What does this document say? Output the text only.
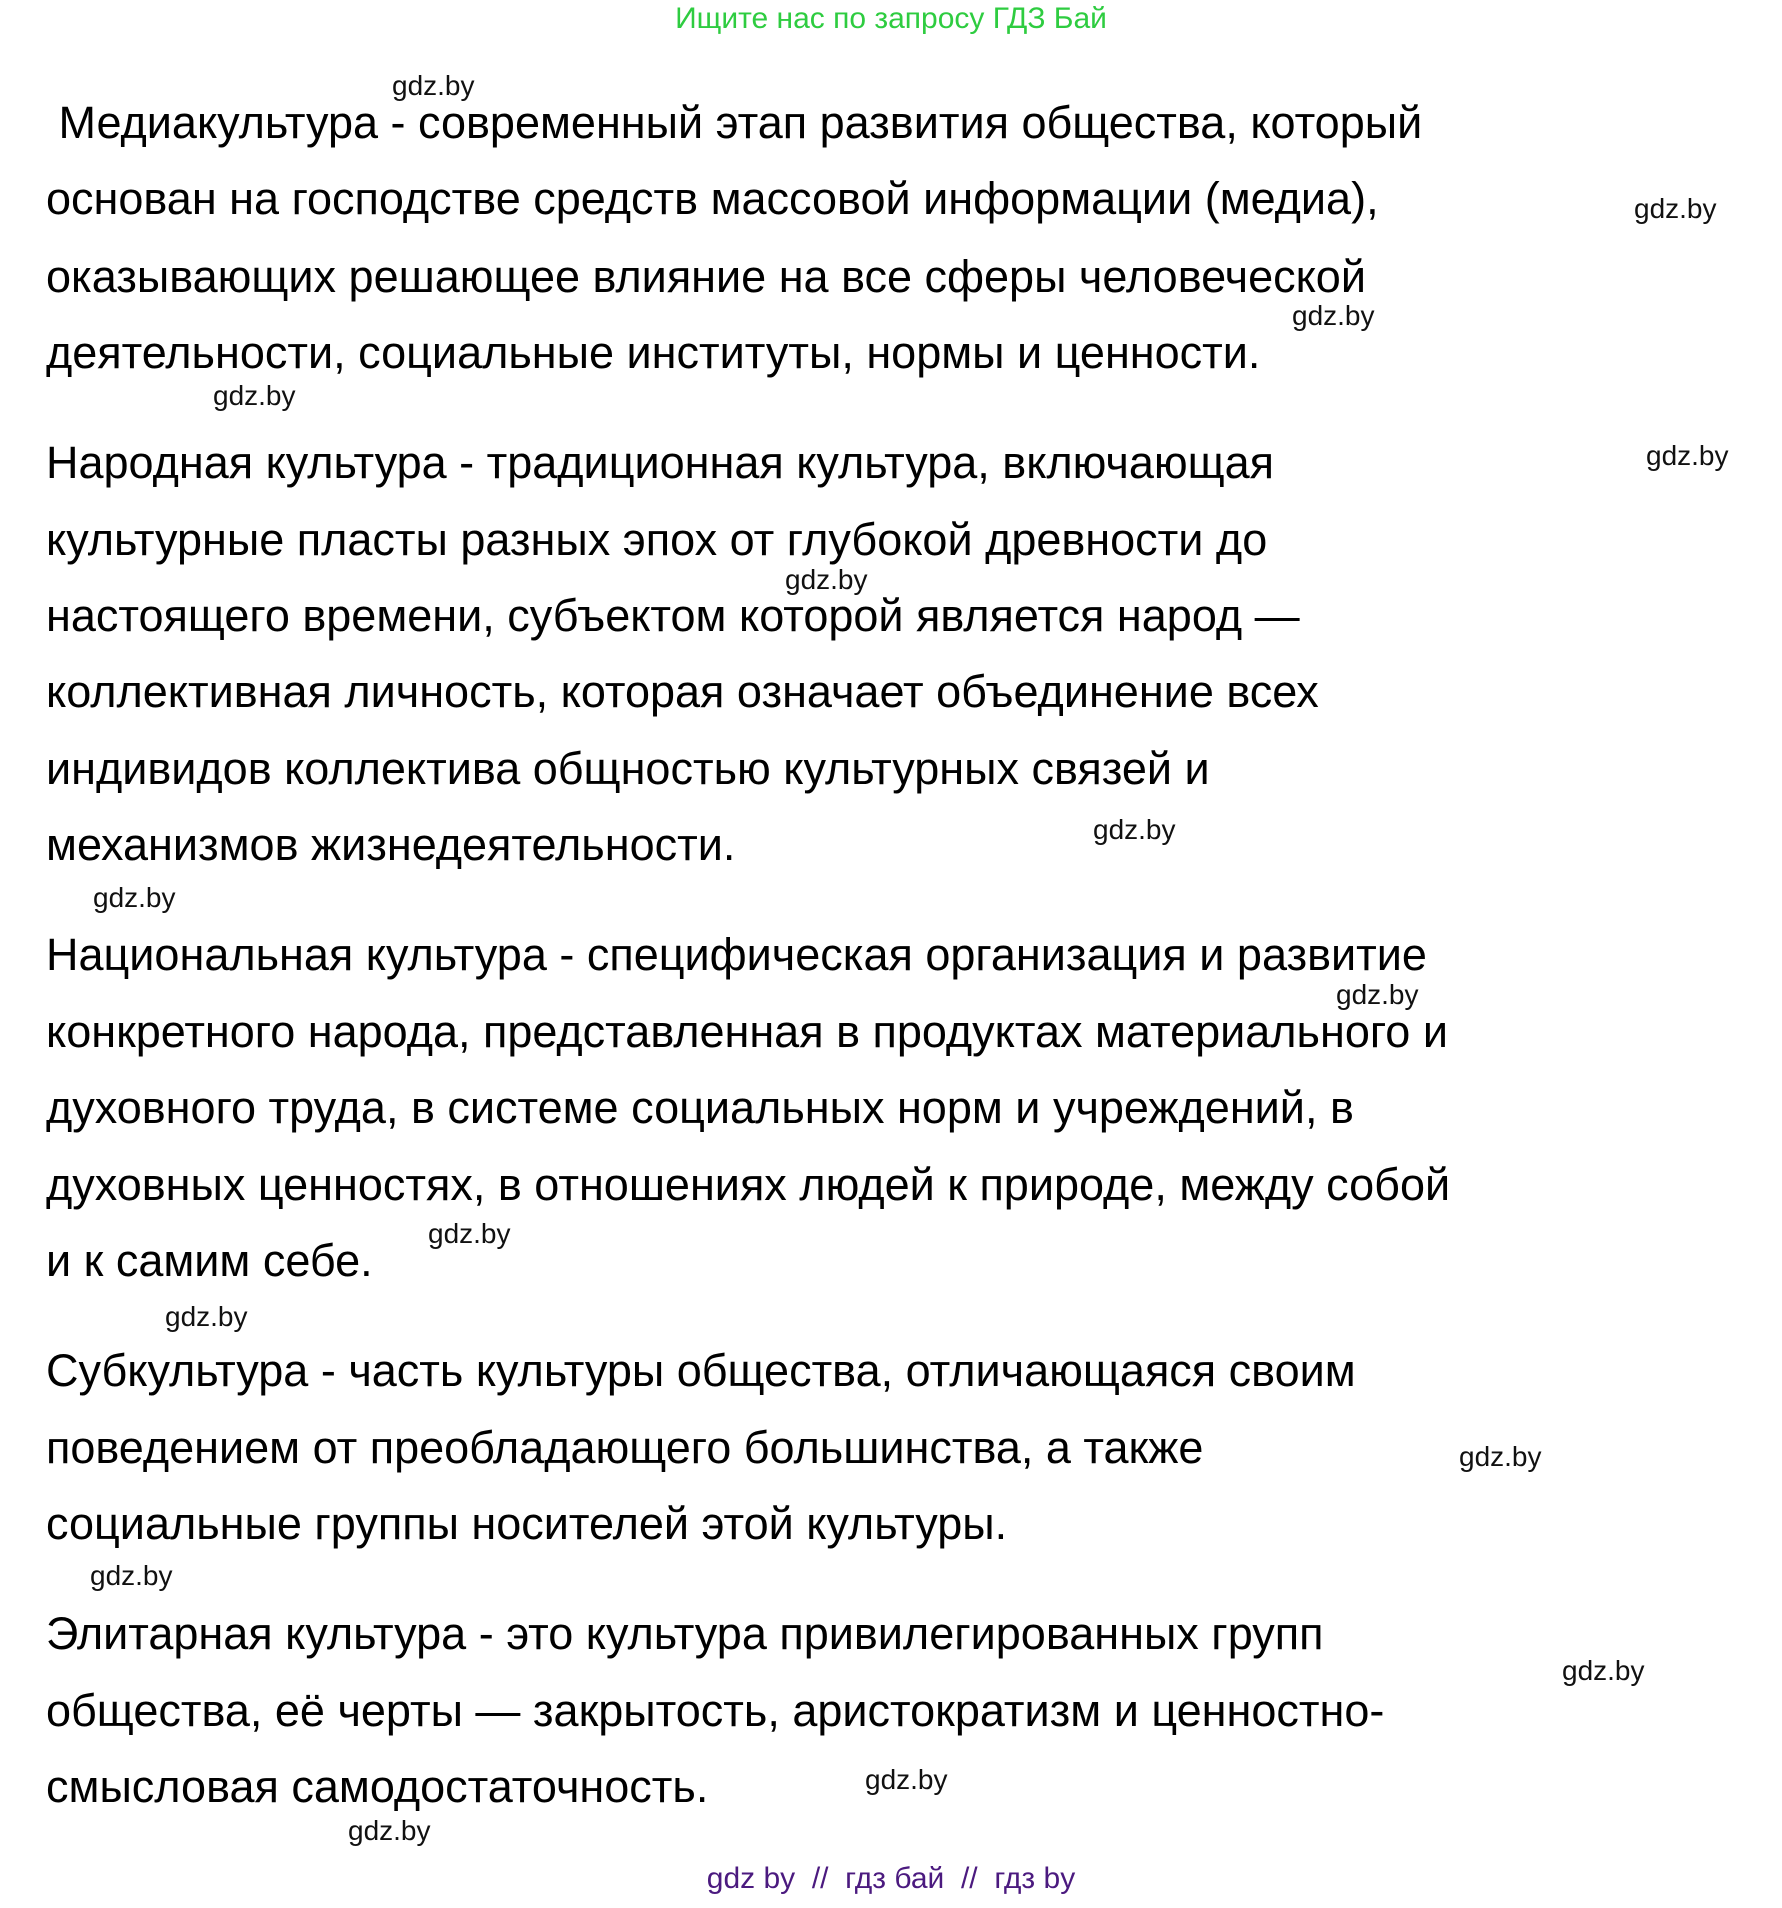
Ищите нас по запросу ГДЗ Бай
Медиакультура - современный этап развития общества, который
основан на господстве средств массовой информации (медиа),
оказывающих решающее влияние на все сферы человеческой
деятельности, социальные институты, нормы и ценности.
Народная культура - традиционная культура, включающая
культурные пласты разных эпох от глубокой древности до
настоящего времени, субъектом которой является народ —
коллективная личность, которая означает объединение всех
индивидов коллектива общностью культурных связей и
механизмов жизнедеятельности.
Национальная культура - специфическая организация и развитие
конкретного народа, представленная в продуктах материального и
духовного труда, в системе социальных норм и учреждений, в
духовных ценностях, в отношениях людей к природе, между собой
и к самим себе.
Субкультура - часть культуры общества, отличающаяся своим
поведением от преобладающего большинства, а также
социальные группы носителей этой культуры.
Элитарная культура - это культура привилегированных групп
общества, её черты — закрытость, аристократизм и ценностно-
смысловая самодостаточность.
gdz by  //  гдз бай  //  гдз by
gdz.by
gdz.by
gdz.by
gdz.by
gdz.by
gdz.by
gdz.by
gdz.by
gdz.by
gdz.by
gdz.by
gdz.by
gdz.by
gdz.by
gdz.by
gdz.by
